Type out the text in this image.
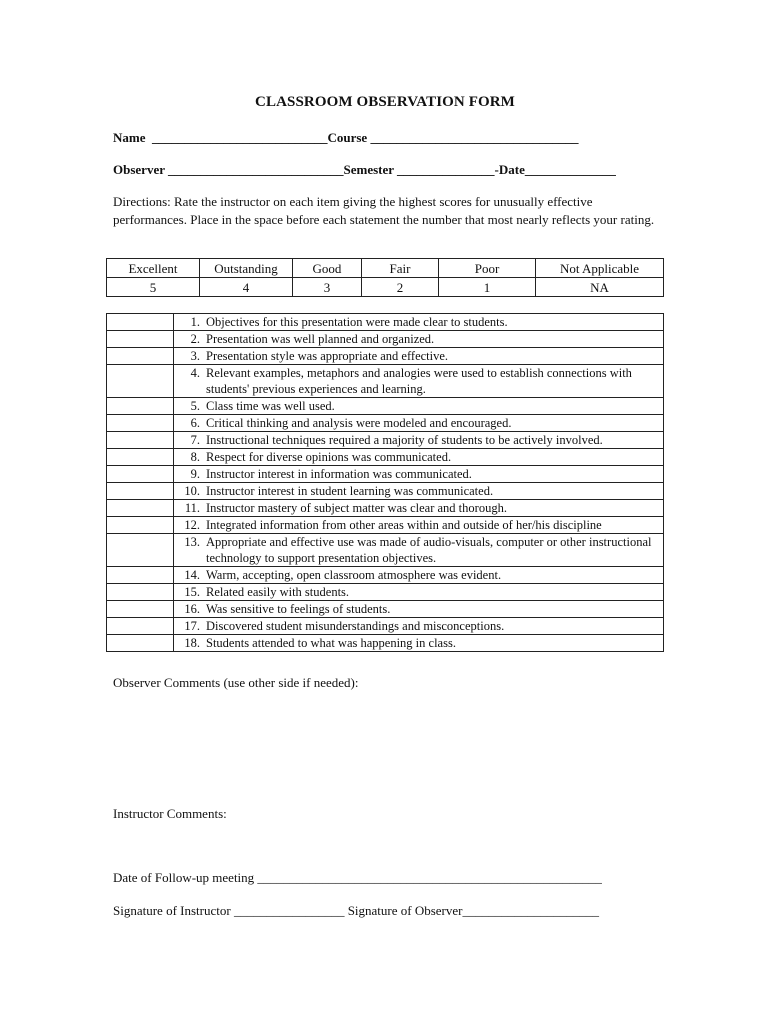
CLASSROOM OBSERVATION FORM
Name  ___________________________Course ________________________________
Observer ___________________________Semester _______________-Date______________
Directions: Rate the instructor on each item giving the highest scores for unusually effective performances. Place in the space before each statement the number that most nearly reflects your rating.
Excellent	Outstanding	Good	Fair	Poor	Not Applicable
5	4	3	2	1	NA

	1. Objectives for this presentation were made clear to students.

	2. Presentation was well planned and organized.

	3. Presentation style was appropriate and effective.

	4. Relevant examples, metaphors and analogies were used to establish connections with students' previous experiences and learning.

	5. Class time was well used.

	6. Critical thinking and analysis were modeled and encouraged.

	7. Instructional techniques required a majority of students to be actively involved.

	8. Respect for diverse opinions was communicated.

	9. Instructor interest in information was communicated.

	10. Instructor interest in student learning was communicated.

	11. Instructor mastery of subject matter was clear and thorough.

	12. Integrated information from other areas within and outside of her/his discipline

	13. Appropriate and effective use was made of audio-visuals, computer or other instructional technology to support presentation objectives.

	14. Warm, accepting, open classroom atmosphere was evident.

	15. Related easily with students.

	16. Was sensitive to feelings of students.

	17. Discovered student misunderstandings and misconceptions.

	18. Students attended to what was happening in class.
Observer Comments (use other side if needed):
Instructor Comments:
Date of Follow-up meeting _____________________________________________________
Signature of Instructor _________________ Signature of Observer_____________________
